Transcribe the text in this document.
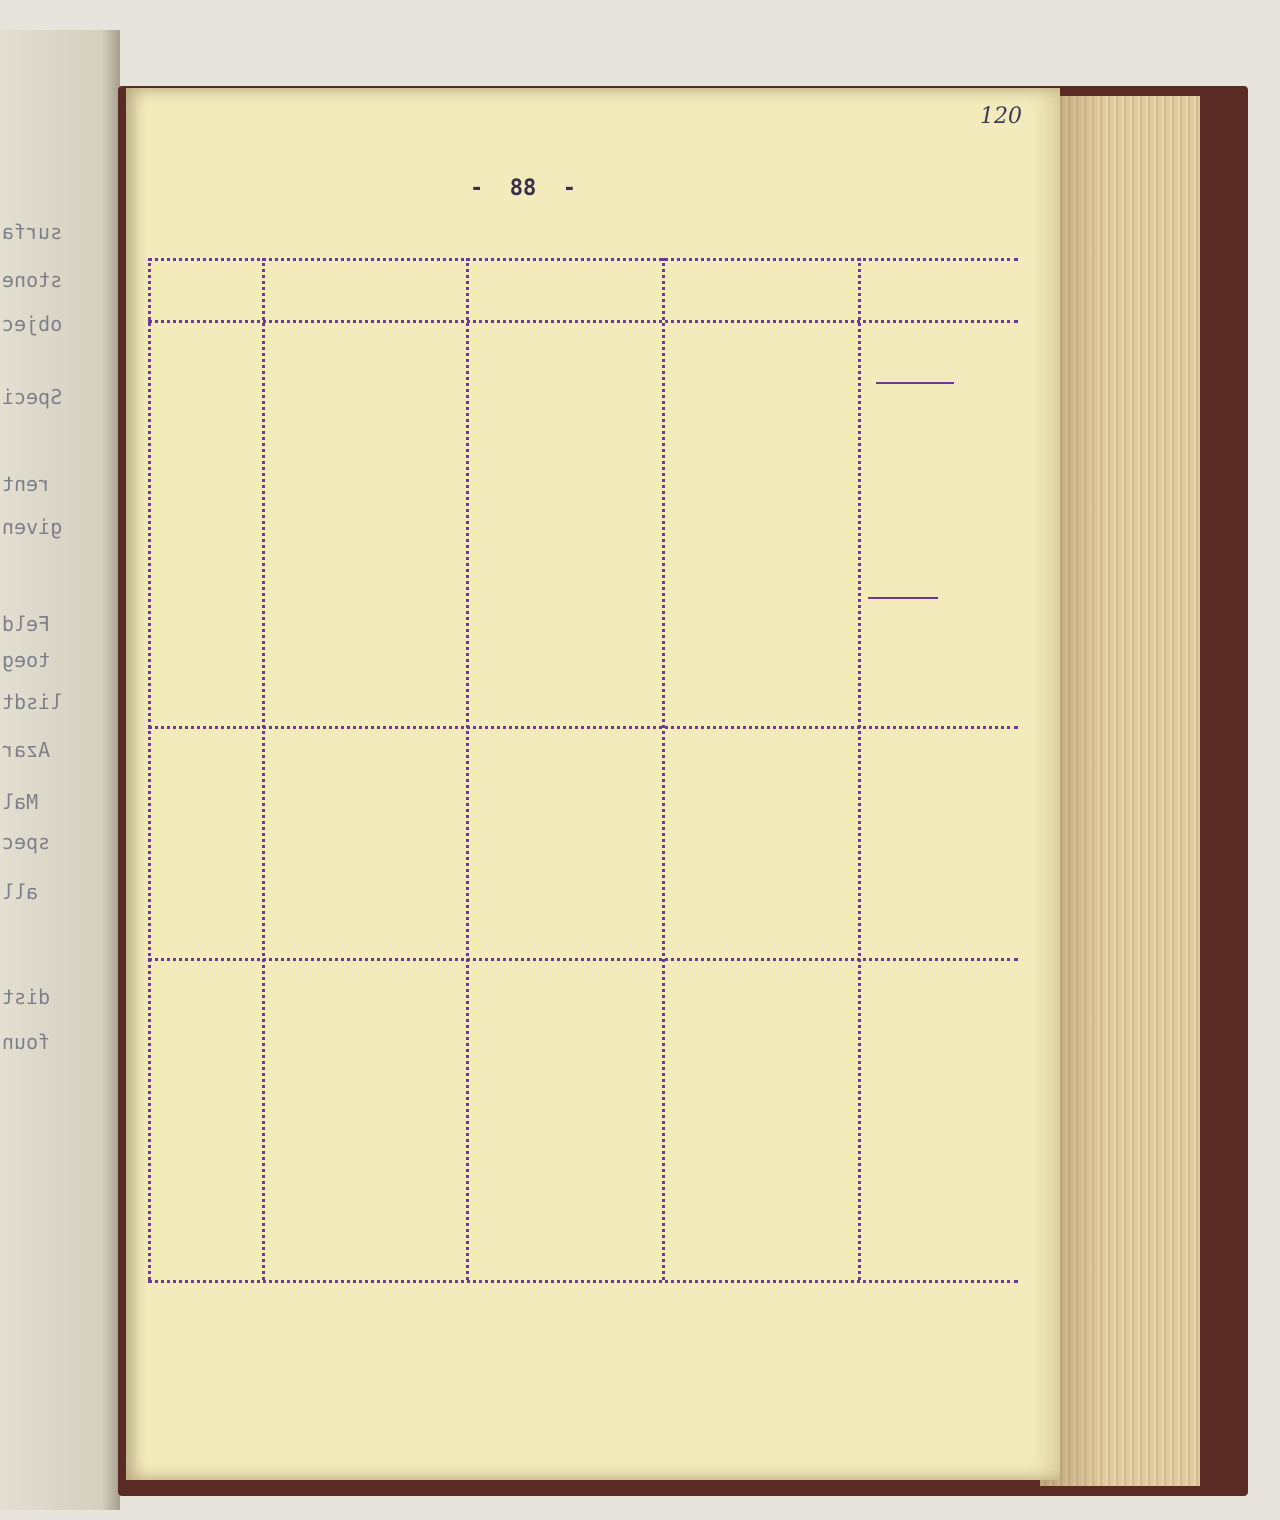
surfa
stone
objec
Speci
rent
given
Feld
toeg
lisdt
Azar
Mal
spec
all
dist
foun
120
-  88  -
